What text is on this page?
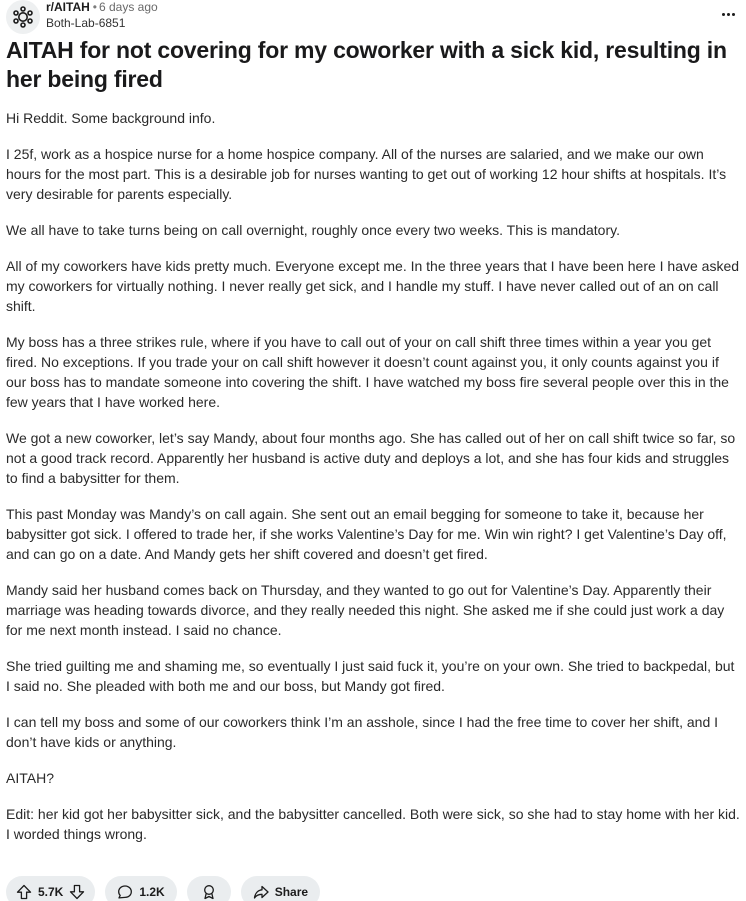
r/AITAH • 6 days ago
Both-Lab-6851
AITAH for not covering for my coworker with a sick kid, resulting in her being fired

Hi Reddit. Some background info.

I 25f, work as a hospice nurse for a home hospice company. All of the nurses are salaried, and we make our own hours for the most part. This is a desirable job for nurses wanting to get out of working 12 hour shifts at hospitals. It’s very desirable for parents especially.

We all have to take turns being on call overnight, roughly once every two weeks. This is mandatory.

All of my coworkers have kids pretty much. Everyone except me. In the three years that I have been here I have asked my coworkers for virtually nothing. I never really get sick, and I handle my stuff. I have never called out of an on call shift.

My boss has a three strikes rule, where if you have to call out of your on call shift three times within a year you get fired. No exceptions. If you trade your on call shift however it doesn’t count against you, it only counts against you if our boss has to mandate someone into covering the shift. I have watched my boss fire several people over this in the few years that I have worked here.

We got a new coworker, let’s say Mandy, about four months ago. She has called out of her on call shift twice so far, so not a good track record. Apparently her husband is active duty and deploys a lot, and she has four kids and struggles to find a babysitter for them.

This past Monday was Mandy’s on call again. She sent out an email begging for someone to take it, because her babysitter got sick. I offered to trade her, if she works Valentine’s Day for me. Win win right? I get Valentine’s Day off, and can go on a date. And Mandy gets her shift covered and doesn’t get fired.

Mandy said her husband comes back on Thursday, and they wanted to go out for Valentine’s Day. Apparently their marriage was heading towards divorce, and they really needed this night. She asked me if she could just work a day for me next month instead. I said no chance.

She tried guilting me and shaming me, so eventually I just said fuck it, you’re on your own. She tried to backpedal, but I said no. She pleaded with both me and our boss, but Mandy got fired.

I can tell my boss and some of our coworkers think I’m an asshole, since I had the free time to cover her shift, and I don’t have kids or anything.

AITAH?

Edit: her kid got her babysitter sick, and the babysitter cancelled. Both were sick, so she had to stay home with her kid. I worded things wrong.

5.7K	1.2K	Share
